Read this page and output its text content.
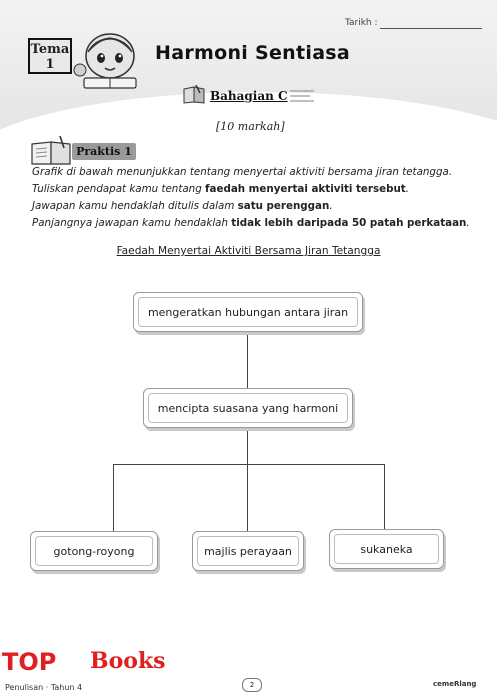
Tarikh :
Tema
1
Harmoni Sentiasa
Bahagian C
[10 markah]
Praktis 1
Grafik di bawah menunjukkan tentang menyertai aktiviti bersama jiran tetangga.
Tuliskan pendapat kamu tentang faedah menyertai aktiviti tersebut.
Jawapan kamu hendaklah ditulis dalam satu perenggan.
Panjangnya jawapan kamu hendaklah tidak lebih daripada 50 patah perkataan.
Faedah Menyertai Aktiviti Bersama Jiran Tetangga
mengeratkan hubungan antara jiran
mencipta suasana yang harmoni
gotong-royong	majlis perayaan	sukaneka
TOP Books
Penulisan · Tahun 4	2	cemeRlang
